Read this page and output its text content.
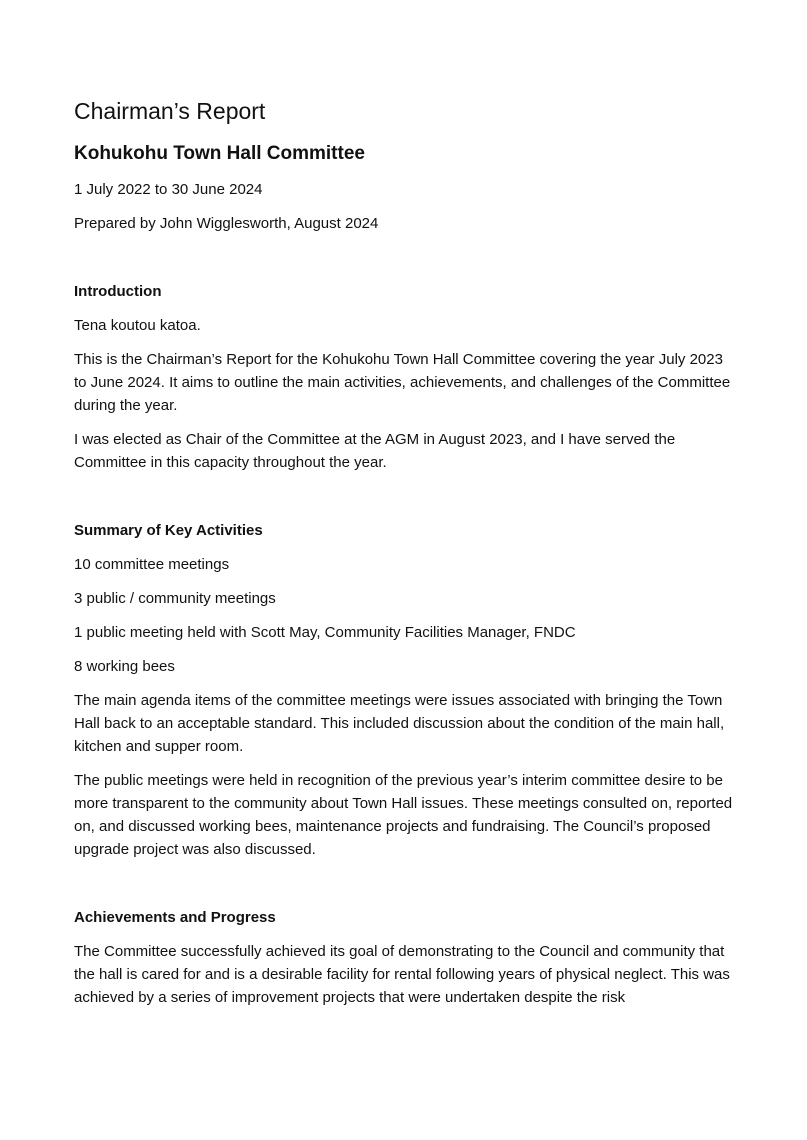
Chairman’s Report
Kohukohu Town Hall Committee

1 July 2022 to 30 June 2024

Prepared by John Wigglesworth, August 2024

Introduction

Tena koutou katoa.

This is the Chairman’s Report for the Kohukohu Town Hall Committee covering the year July 2023 to June 2024. It aims to outline the main activities, achievements, and challenges of the Committee during the year.

I was elected as Chair of the Committee at the AGM in August 2023, and I have served the Committee in this capacity throughout the year.

Summary of Key Activities

10 committee meetings

3 public / community meetings

1 public meeting held with Scott May, Community Facilities Manager, FNDC

8 working bees

The main agenda items of the committee meetings were issues associated with bringing the Town Hall back to an acceptable standard. This included discussion about the condition of the main hall, kitchen and supper room.

The public meetings were held in recognition of the previous year’s interim committee desire to be more transparent to the community about Town Hall issues. These meetings consulted on, reported on, and discussed working bees, maintenance projects and fundraising. The Council’s proposed upgrade project was also discussed.

Achievements and Progress

The Committee successfully achieved its goal of demonstrating to the Council and community that the hall is cared for and is a desirable facility for rental following years of physical neglect. This was achieved by a series of improvement projects that were undertaken despite the risk
